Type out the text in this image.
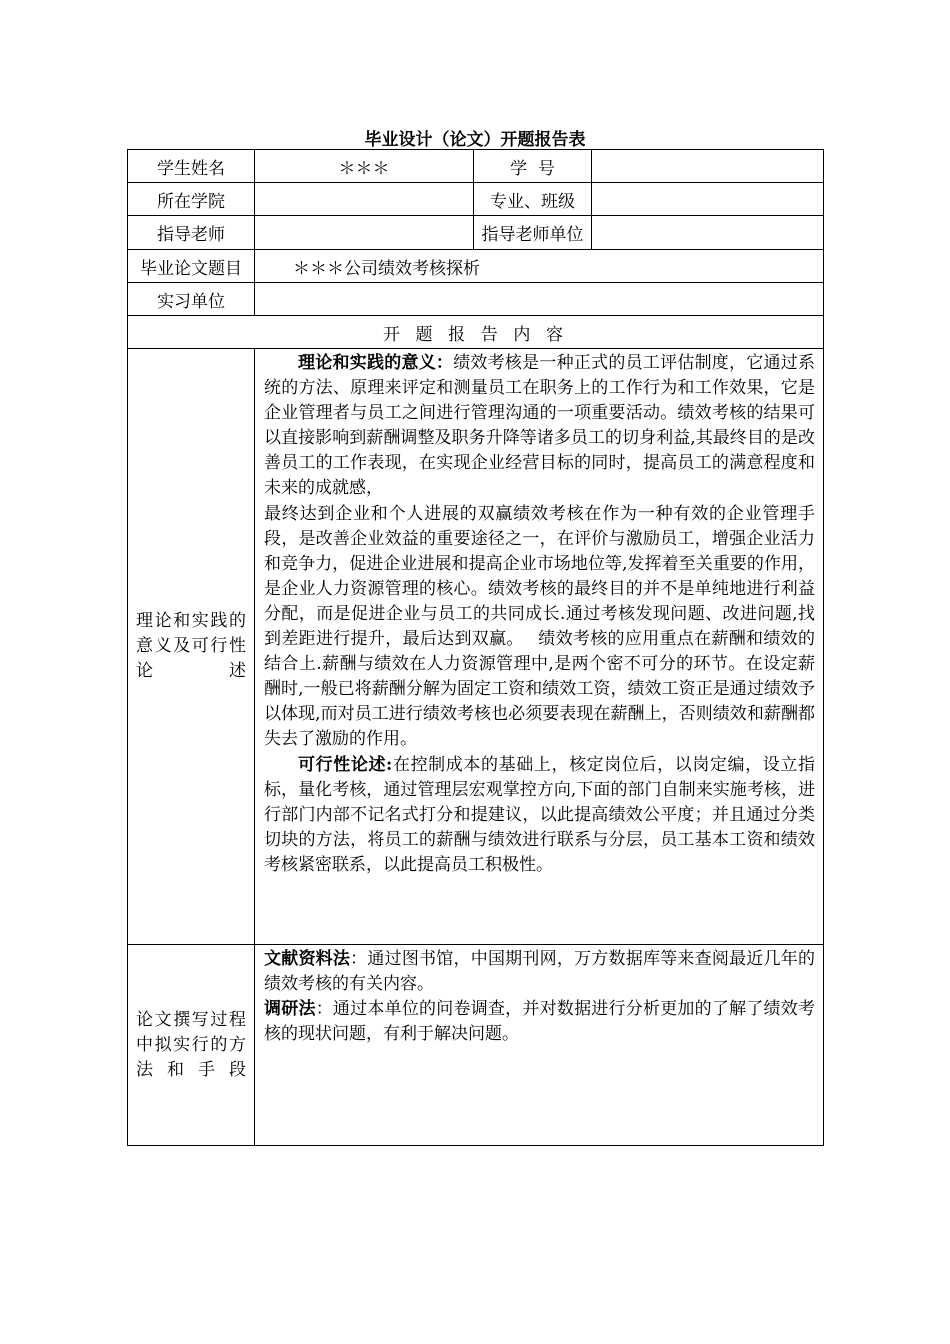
毕业设计（论文）开题报告表
学生姓名	＊＊＊	学  号	
所在学院		专业、班级	
指导老师		指导老师单位	
毕业论文题目	＊＊＊公司绩效考核探析		
实习单位			
开 题 报 告 内 容			
理论和实践的意义及可行性论述	理论和实践的意义：绩效考核是一种正式的员工评估制度，它通过系统的方法、原理来评定和测量员工在职务上的工作行为和工作效果，它是企业管理者与员工之间进行管理沟通的一项重要活动。绩效考核的结果可以直接影响到薪酬调整及职务升降等诸多员工的切身利益,其最终目的是改善员工的工作表现，在实现企业经营目标的同时，提高员工的满意程度和未来的成就感，

最终达到企业和个人进展的双赢绩效考核在作为一种有效的企业管理手段，是改善企业效益的重要途径之一，在评价与激励员工，增强企业活力和竞争力，促进企业进展和提高企业市场地位等,发挥着至关重要的作用，是企业人力资源管理的核心。绩效考核的最终目的并不是单纯地进行利益分配，而是促进企业与员工的共同成长.通过考核发现问题、改进问题,找到差距进行提升，最后达到双赢。　 绩效考核的应用重点在薪酬和绩效的结合上.薪酬与绩效在人力资源管理中,是两个密不可分的环节。在设定薪酬时,一般已将薪酬分解为固定工资和绩效工资，绩效工资正是通过绩效予以体现,而对员工进行绩效考核也必须要表现在薪酬上，否则绩效和薪酬都失去了激励的作用。

可行性论述:在控制成本的基础上，核定岗位后，以岗定编，设立指标，量化考核，通过管理层宏观掌控方向,下面的部门自制来实施考核，进行部门内部不记名式打分和提建议，以此提高绩效公平度；并且通过分类切块的方法，将员工的薪酬与绩效进行联系与分层，员工基本工资和绩效考核紧密联系，以此提高员工积极性。		

论文撰写过程中拟实行的方法和手段	文献资料法：通过图书馆，中国期刊网，万方数据库等来查阅最近几年的绩效考核的有关内容。

调研法：通过本单位的问卷调查，并对数据进行分析更加的了解了绩效考核的现状问题，有利于解决问题。		
